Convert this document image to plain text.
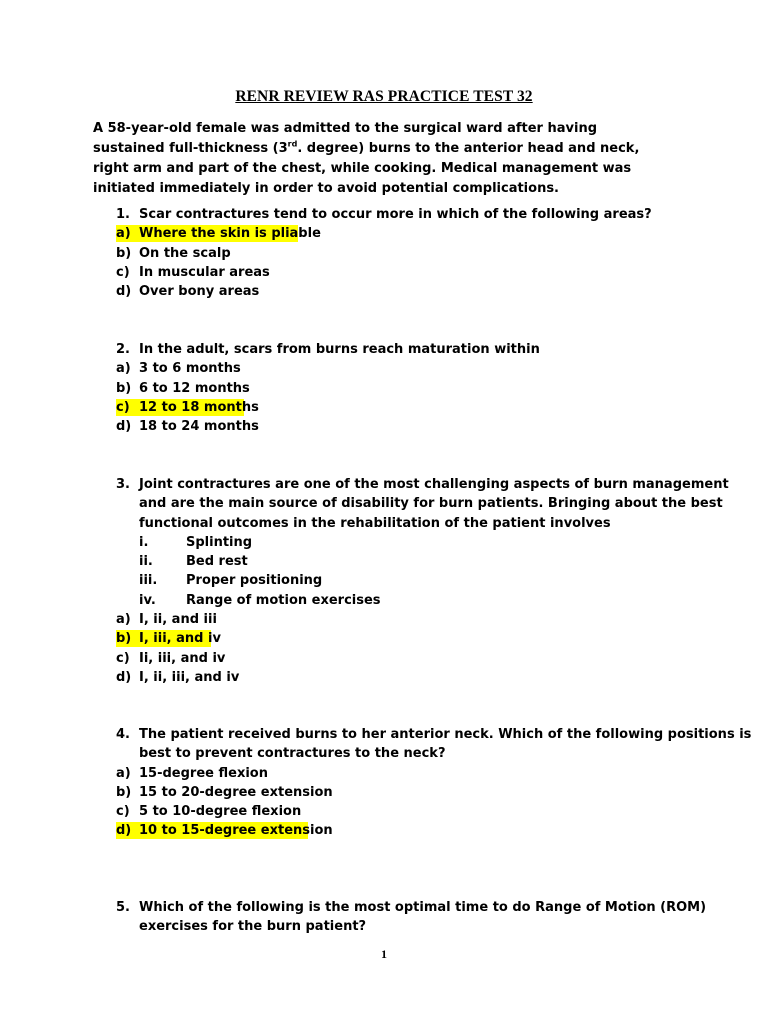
RENR REVIEW RAS PRACTICE TEST 32
A 58-year-old female was admitted to the surgical ward after having sustained full-thickness (3rd. degree) burns to the anterior head and neck, right arm and part of the chest, while cooking. Medical management was initiated immediately in order to avoid potential complications.
1. Scar contractures tend to occur more in which of the following areas?
a) Where the skin is pliable
b) On the scalp
c) In muscular areas
d) Over bony areas
2. In the adult, scars from burns reach maturation within
a) 3 to 6 months
b) 6 to 12 months
c) 12 to 18 months
d) 18 to 24 months
3. Joint contractures are one of the most challenging aspects of burn management
and are the main source of disability for burn patients. Bringing about the best
functional outcomes in the rehabilitation of the patient involves
i.	Splinting
ii.	Bed rest
iii. Proper positioning
iv. Range of motion exercises
a) I, ii, and iii
b) I, iii, and iv
c) Ii, iii, and iv
d) I, ii, iii, and iv
4. The patient received burns to her anterior neck. Which of the following positions is
best to prevent contractures to the neck?
a) 15-degree flexion
b) 15 to 20-degree extension
c) 5 to 10-degree flexion
d) 10 to 15-degree extension
5. Which of the following is the most optimal time to do Range of Motion (ROM)
exercises for the burn patient?
1
